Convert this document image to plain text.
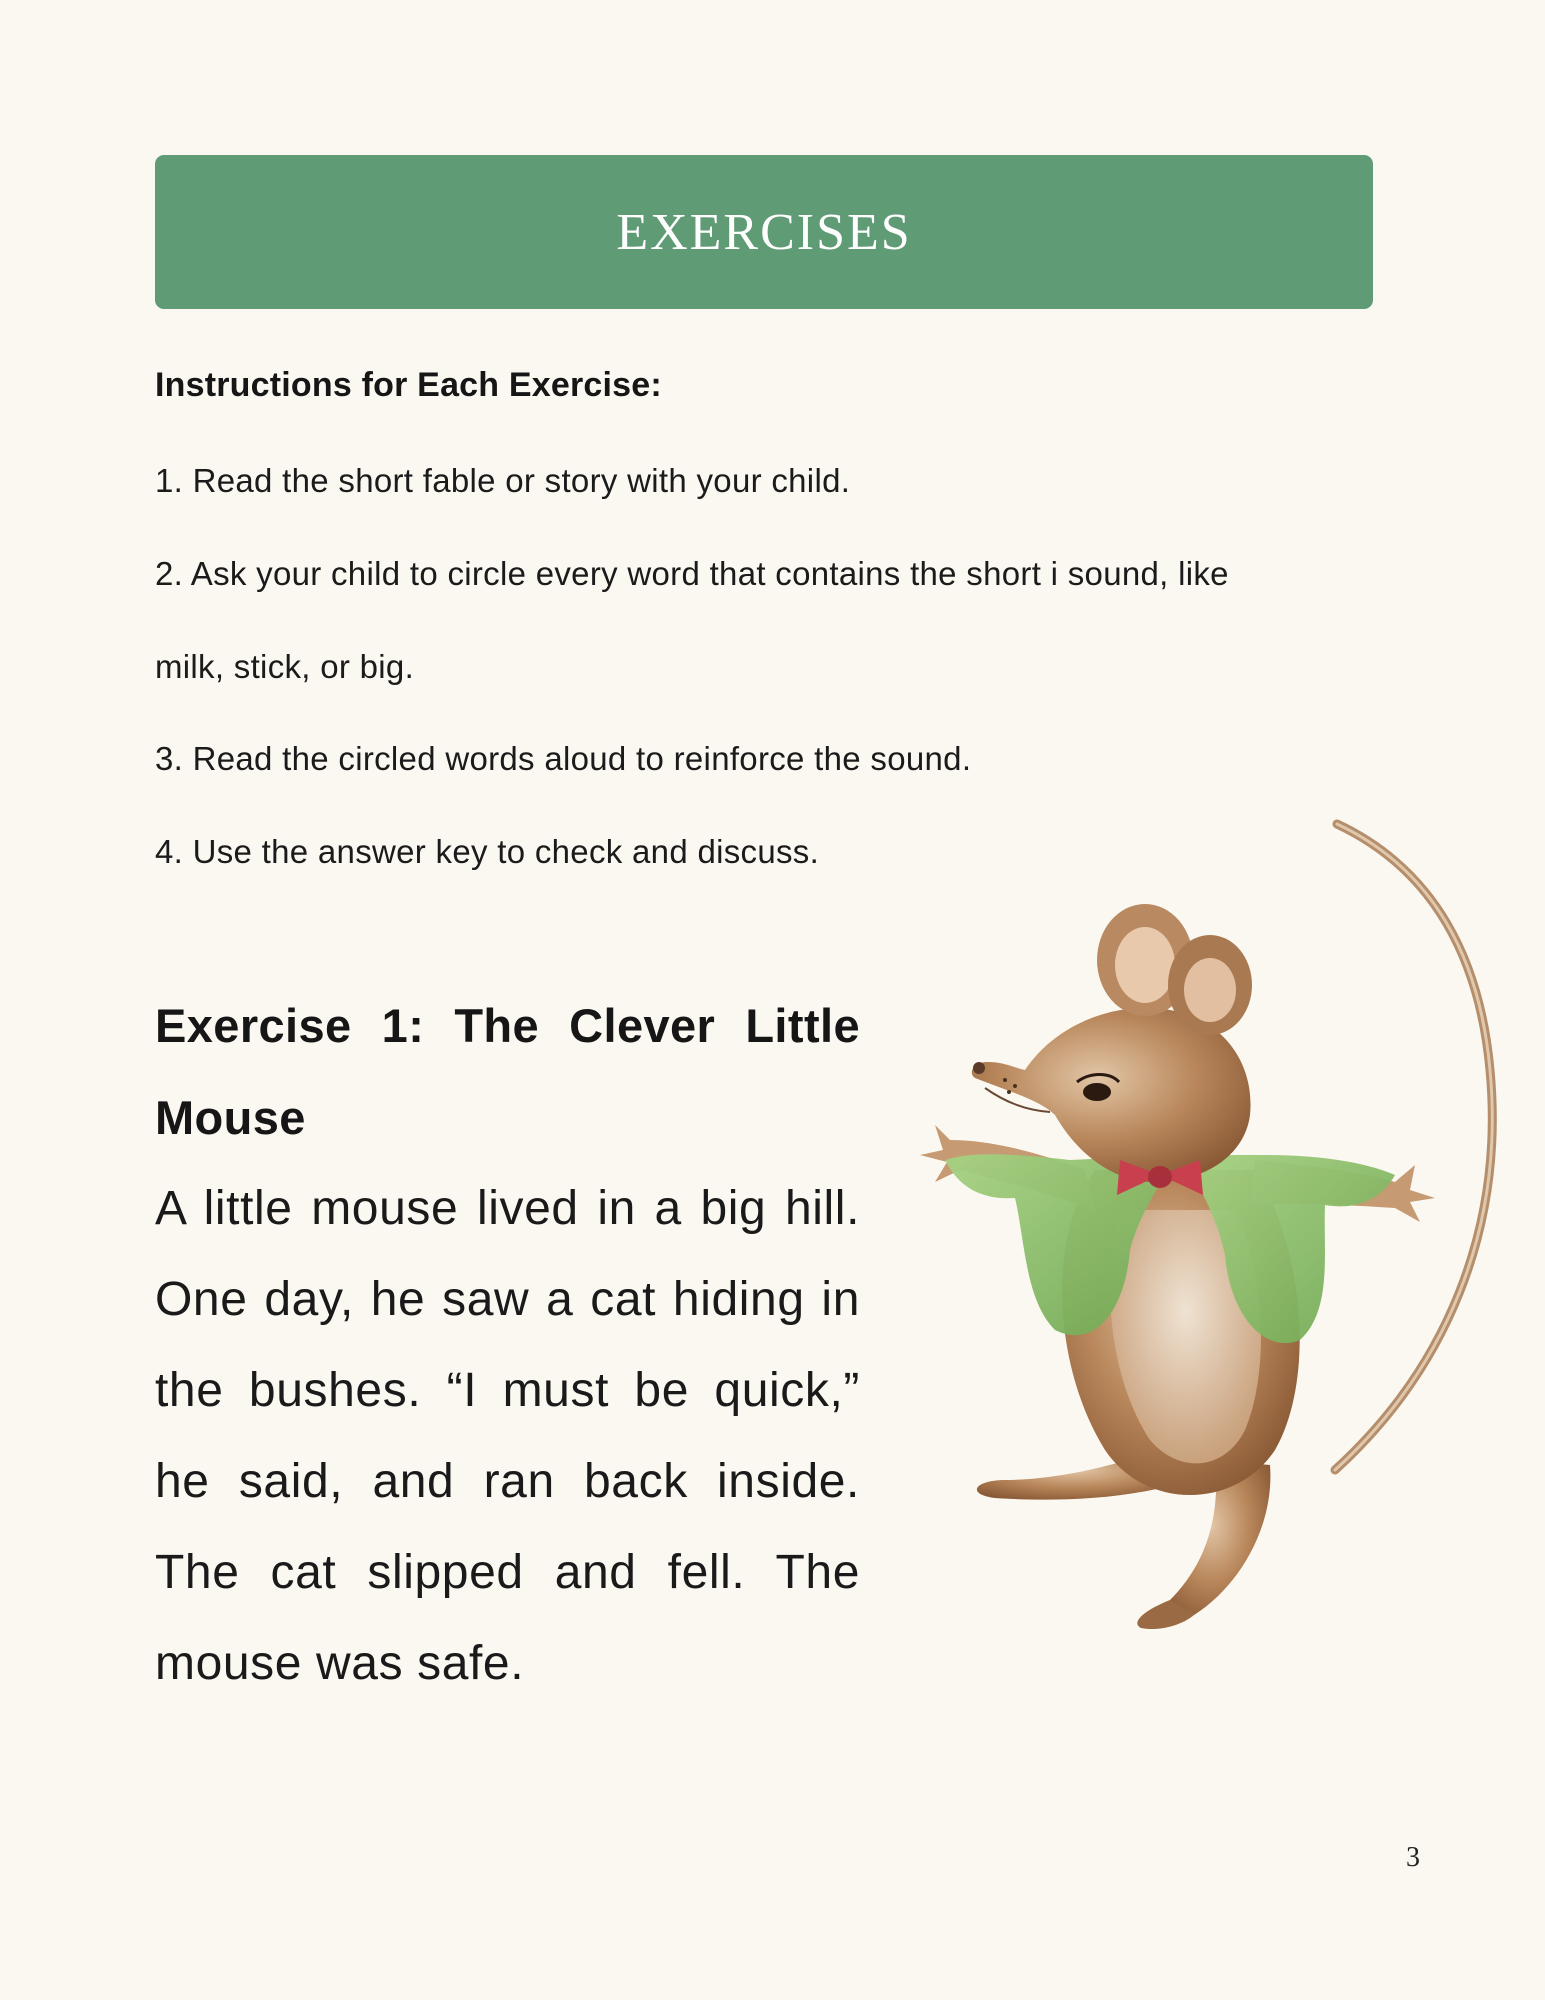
EXERCISES
Instructions for Each Exercise:
1. Read the short fable or story with your child.
2. Ask your child to circle every word that contains the short i sound, like
milk, stick, or big.
3. Read the circled words aloud to reinforce the sound.
4. Use the answer key to check and discuss.
Exercise 1: The Clever Little Mouse
A little mouse lived in a big hill. One day, he saw a cat hiding in the bushes. “I must be quick,” he said, and ran back inside. The cat slipped and fell. The mouse was safe.
3
